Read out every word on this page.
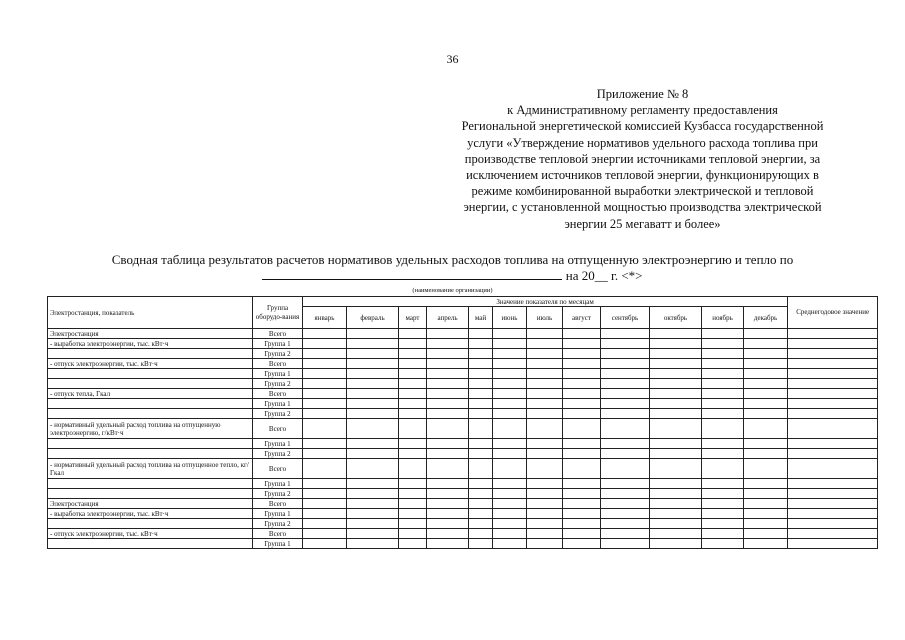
36
Приложение № 8
к Административному регламенту предоставления
Региональной энергетической комиссией Кузбасса государственной
услуги «Утверждение нормативов удельного расхода топлива при
производстве тепловой энергии источниками тепловой энергии, за
исключением источников тепловой энергии, функционирующих в
режиме комбинированной выработки электрической и тепловой
энергии, с установленной мощностью производства электрической
энергии 25 мегаватт и более»
Сводная таблица результатов расчетов нормативов удельных расходов топлива на отпущенную электроэнергию и тепло по
на 20__ г. <*>
(наименование организации)
Электростанция, показатель	Группа оборудо-вания	Значение показателя по месяцам												Среднегодовое значение
		январь	февраль	март	апрель	май	июнь	июль	август	сентябрь	октябрь	ноябрь	декабрь	
Электростанция	Всего													
- выработка электроэнергии, тыс. кВт·ч	Группа 1													
	Группа 2													
- отпуск электроэнергии, тыс. кВт·ч	Всего													
	Группа 1													
	Группа 2													
- отпуск тепла, Гкал	Всего													
	Группа 1													
	Группа 2													
- нормативный удельный расход топлива на отпущенную электроэнергию, г/кВт·ч	Всего													
	Группа 1													
	Группа 2													
- нормативный удельный расход топлива на отпущенное тепло, кг/Гкал	Всего													
	Группа 1													
	Группа 2													
Электростанция	Всего													
- выработка электроэнергии, тыс. кВт·ч	Группа 1													
	Группа 2													
- отпуск электроэнергии, тыс. кВт·ч	Всего													
	Группа 1													
